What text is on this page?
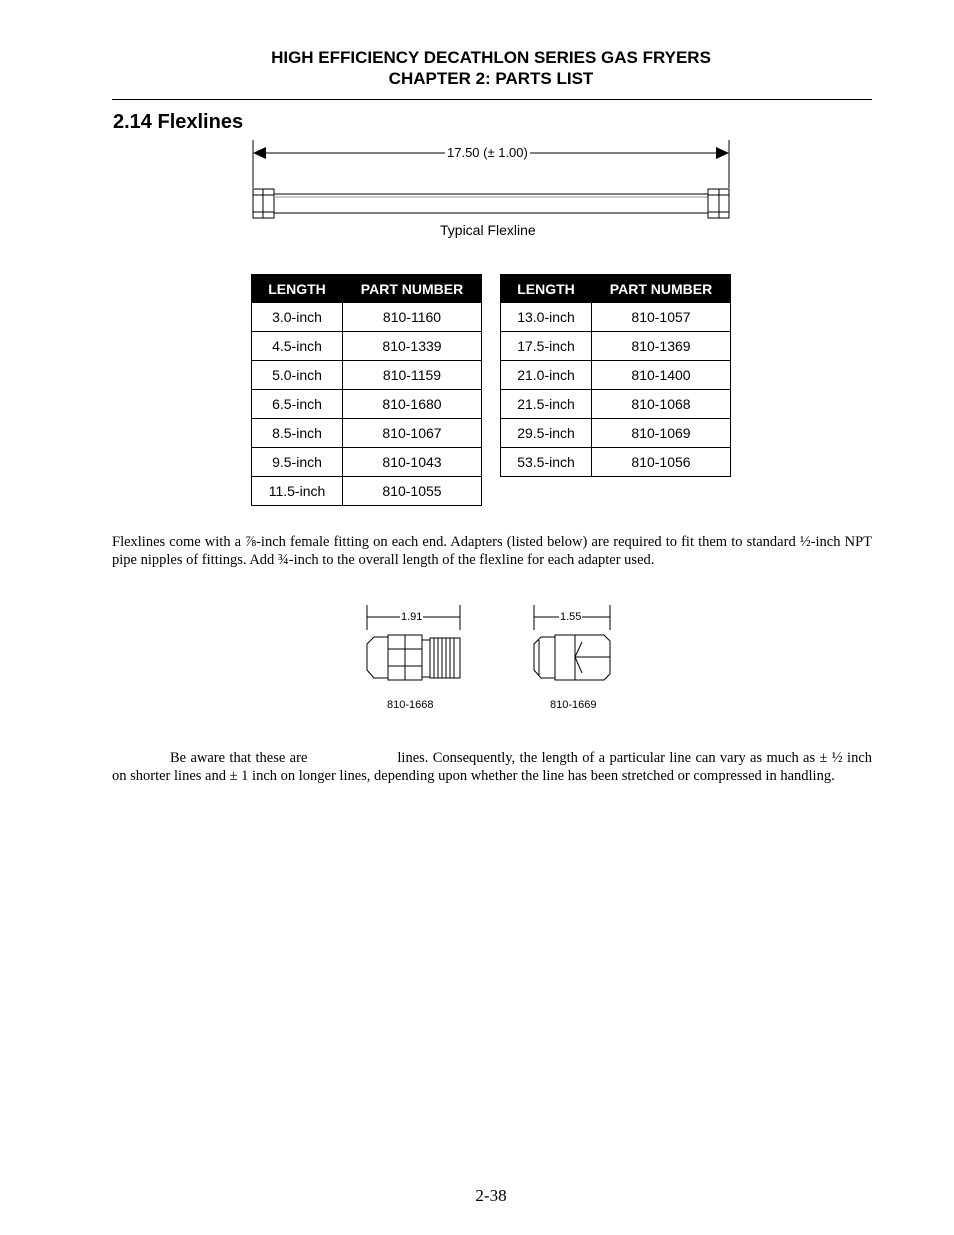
HIGH EFFICIENCY DECATHLON SERIES GAS FRYERS
CHAPTER 2: PARTS LIST
2.14 Flexlines
17.50 (± 1.00)
Typical Flexline
LENGTH	PART NUMBER
3.0-inch	810-1160
4.5-inch	810-1339
5.0-inch	810-1159
6.5-inch	810-1680
8.5-inch	810-1067
9.5-inch	810-1043
11.5-inch	810-1055
LENGTH	PART NUMBER
13.0-inch	810-1057
17.5-inch	810-1369
21.0-inch	810-1400
21.5-inch	810-1068
29.5-inch	810-1069
53.5-inch	810-1056
Flexlines come with a ⅞-inch female fitting on each end. Adapters (listed below) are required to fit them to standard ½-inch NPT pipe nipples of fittings. Add ¾-inch to the overall length of the flexline for each adapter used.
1.91	1.55
810-1668	810-1669
Be aware that these are	lines. Consequently, the length of a particular line can vary as much as ± ½ inch on shorter lines and ± 1 inch on longer lines, depending upon whether the line has been stretched or compressed in handling.
2-38
